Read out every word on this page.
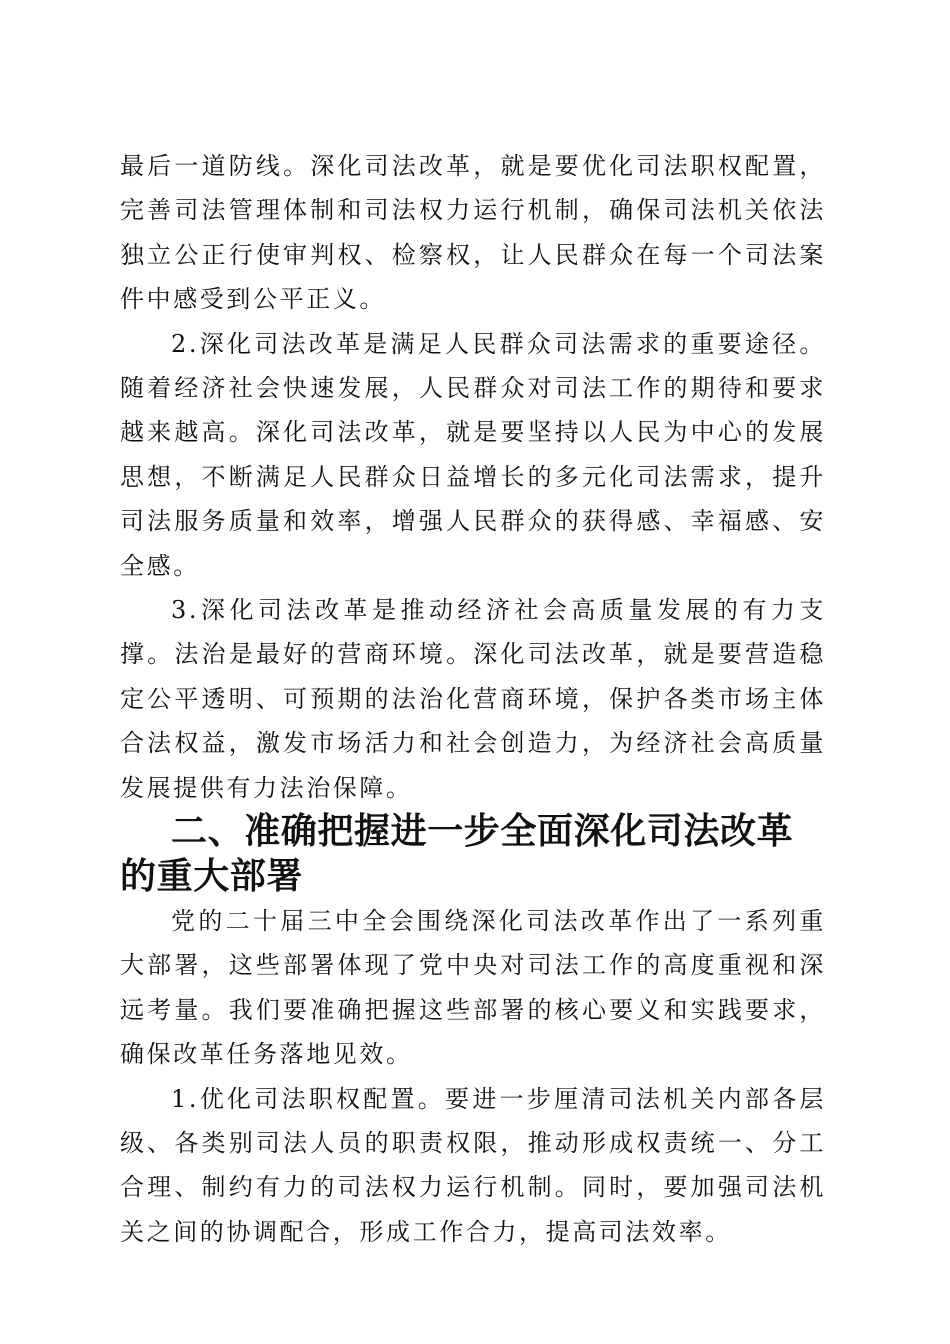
最后一道防线。深化司法改革，就是要优化司法职权配置，完善司法管理体制和司法权力运行机制，确保司法机关依法独立公正行使审判权、检察权，让人民群众在每一个司法案件中感受到公平正义。

2.深化司法改革是满足人民群众司法需求的重要途径。随着经济社会快速发展，人民群众对司法工作的期待和要求越来越高。深化司法改革，就是要坚持以人民为中心的发展思想，不断满足人民群众日益增长的多元化司法需求，提升司法服务质量和效率，增强人民群众的获得感、幸福感、安全感。

3.深化司法改革是推动经济社会高质量发展的有力支撑。法治是最好的营商环境。深化司法改革，就是要营造稳定公平透明、可预期的法治化营商环境，保护各类市场主体合法权益，激发市场活力和社会创造力，为经济社会高质量发展提供有力法治保障。

二、准确把握进一步全面深化司法改革的重大部署

党的二十届三中全会围绕深化司法改革作出了一系列重大部署，这些部署体现了党中央对司法工作的高度重视和深远考量。我们要准确把握这些部署的核心要义和实践要求，确保改革任务落地见效。

1.优化司法职权配置。要进一步厘清司法机关内部各层级、各类别司法人员的职责权限，推动形成权责统一、分工合理、制约有力的司法权力运行机制。同时，要加强司法机关之间的协调配合，形成工作合力，提高司法效率。
